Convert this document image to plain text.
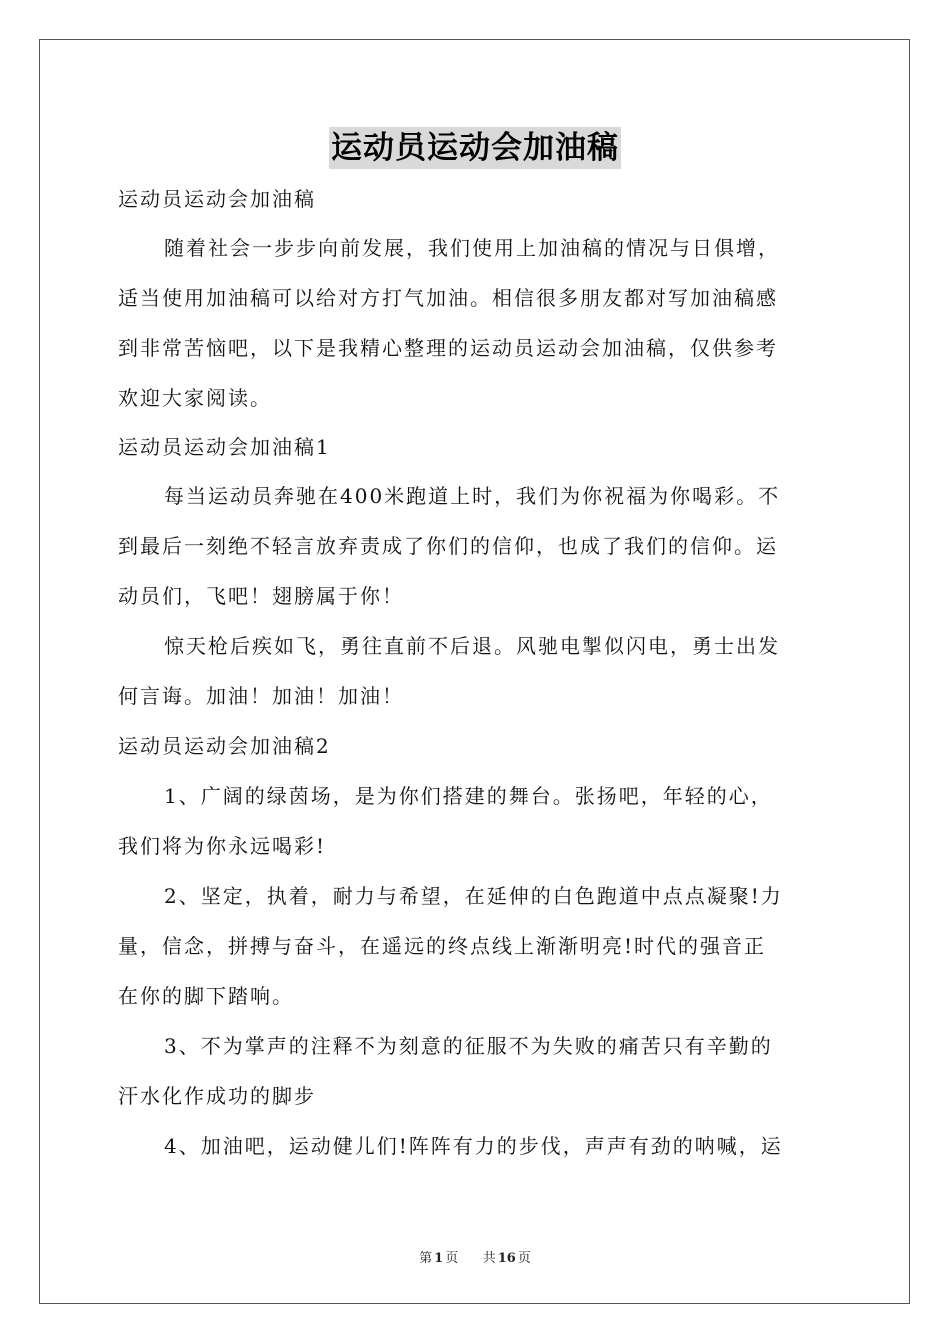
运动员运动会加油稿
运动员运动会加油稿
随着社会一步步向前发展，我们使用上加油稿的情况与日俱增，
适当使用加油稿可以给对方打气加油。相信很多朋友都对写加油稿感
到非常苦恼吧，以下是我精心整理的运动员运动会加油稿，仅供参考
欢迎大家阅读。
运动员运动会加油稿1
每当运动员奔驰在400米跑道上时，我们为你祝福为你喝彩。不
到最后一刻绝不轻言放弃责成了你们的信仰，也成了我们的信仰。运
动员们，飞吧！翅膀属于你！
惊天枪后疾如飞，勇往直前不后退。风驰电掣似闪电，勇士出发
何言诲。加油！加油！加油！
运动员运动会加油稿2
1、广阔的绿茵场，是为你们搭建的舞台。张扬吧，年轻的心，
我们将为你永远喝彩!
2、坚定，执着，耐力与希望，在延伸的白色跑道中点点凝聚!力
量，信念，拼搏与奋斗，在遥远的终点线上渐渐明亮!时代的强音正
在你的脚下踏响。
3、不为掌声的注释不为刻意的征服不为失败的痛苦只有辛勤的
汗水化作成功的脚步
4、加油吧，运动健儿们!阵阵有力的步伐，声声有劲的呐喊，运
第 1 页 共 16 页
